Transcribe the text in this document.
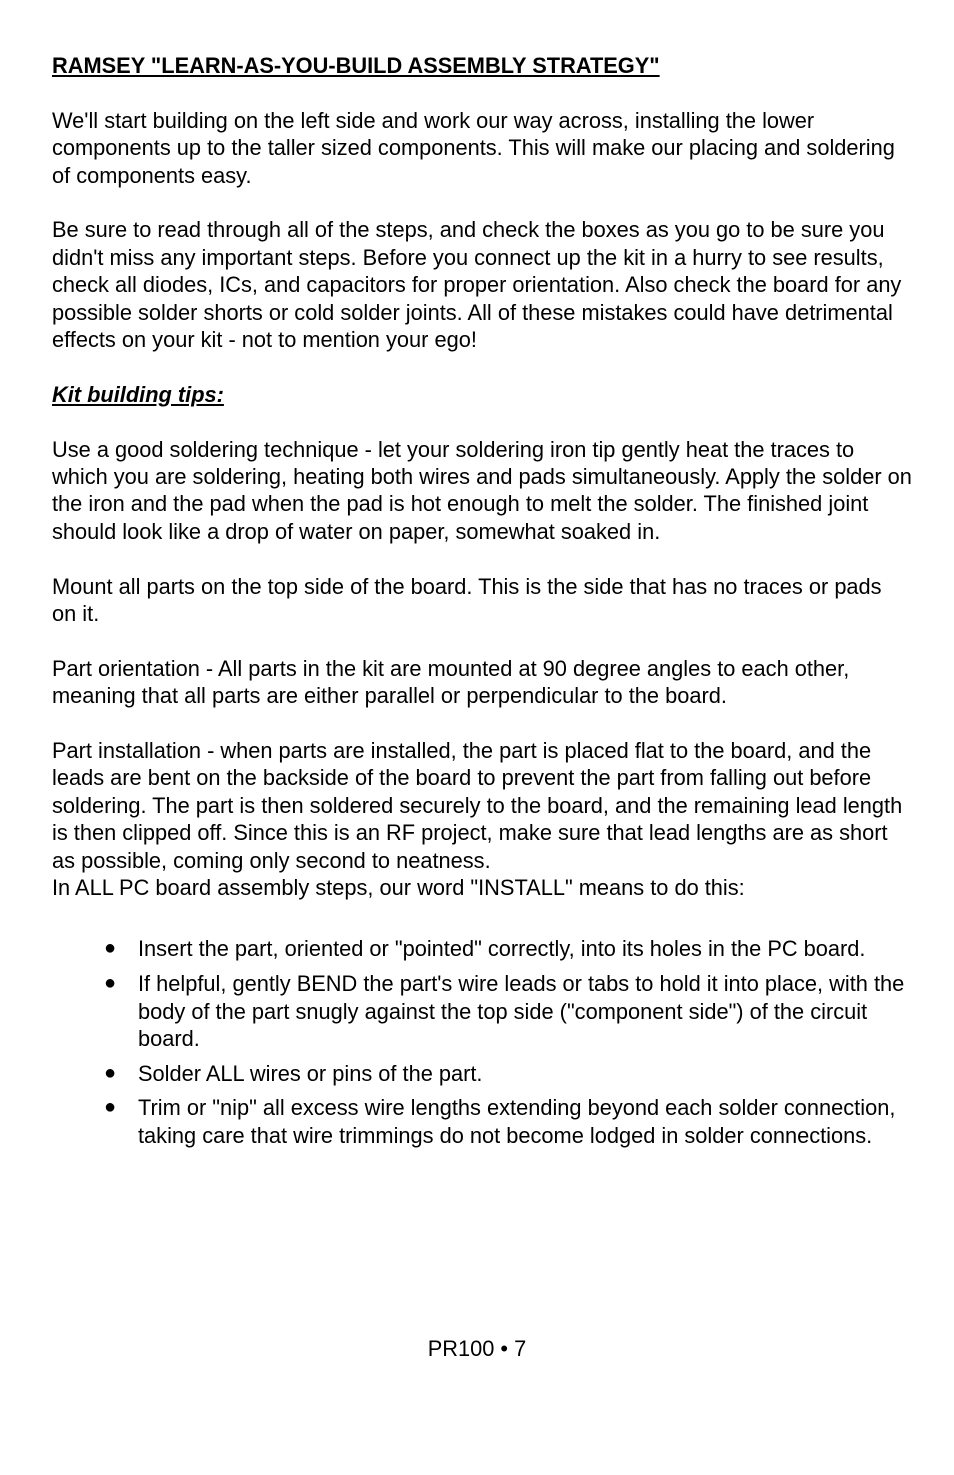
RAMSEY "LEARN-AS-YOU-BUILD ASSEMBLY STRATEGY"

We'll start building on the left side and work our way across, installing the lower components up to the taller sized components. This will make our placing and soldering of components easy.

Be sure to read through all of the steps, and check the boxes as you go to be sure you didn't miss any important steps. Before you connect up the kit in a hurry to see results, check all diodes, ICs, and capacitors for proper orientation. Also check the board for any possible solder shorts or cold solder joints. All of these mistakes could have detrimental effects on your kit - not to mention your ego!

Kit building tips:

Use a good soldering technique - let your soldering iron tip gently heat the traces to which you are soldering, heating both wires and pads simultaneously. Apply the solder on the iron and the pad when the pad is hot enough to melt the solder. The finished joint should look like a drop of water on paper, somewhat soaked in.

Mount all parts on the top side of the board. This is the side that has no traces or pads on it.

Part orientation - All parts in the kit are mounted at 90 degree angles to each other, meaning that all parts are either parallel or perpendicular to the board.

Part installation - when parts are installed, the part is placed flat to the board, and the leads are bent on the backside of the board to prevent the part from falling out before soldering. The part is then soldered securely to the board, and the remaining lead length is then clipped off. Since this is an RF project, make sure that lead lengths are as short as possible, coming only second to neatness.

In ALL PC board assembly steps, our word "INSTALL" means to do this:

● Insert the part, oriented or "pointed" correctly, into its holes in the PC board.
● If helpful, gently BEND the part's wire leads or tabs to hold it into place, with the body of the part snugly against the top side ("component side") of the circuit board.
● Solder ALL wires or pins of the part.
● Trim or "nip" all excess wire lengths extending beyond each solder connection, taking care that wire trimmings do not become lodged in solder connections.
PR100 • 7
